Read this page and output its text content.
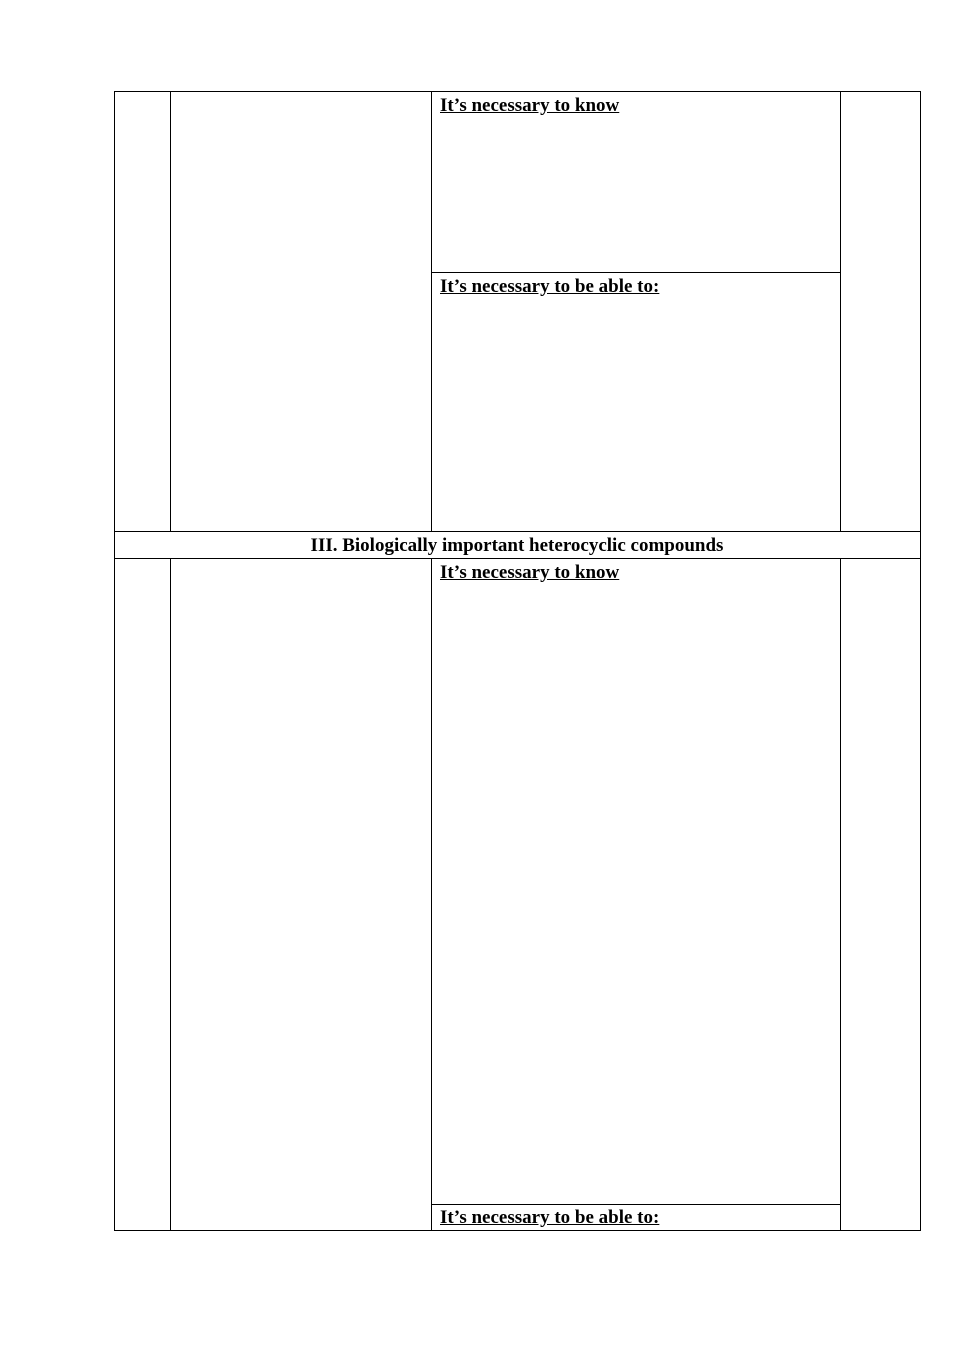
It’s necessary to know
It’s necessary to be able to:
III. Biologically important heterocyclic compounds
It’s necessary to know
It’s necessary to be able to:
